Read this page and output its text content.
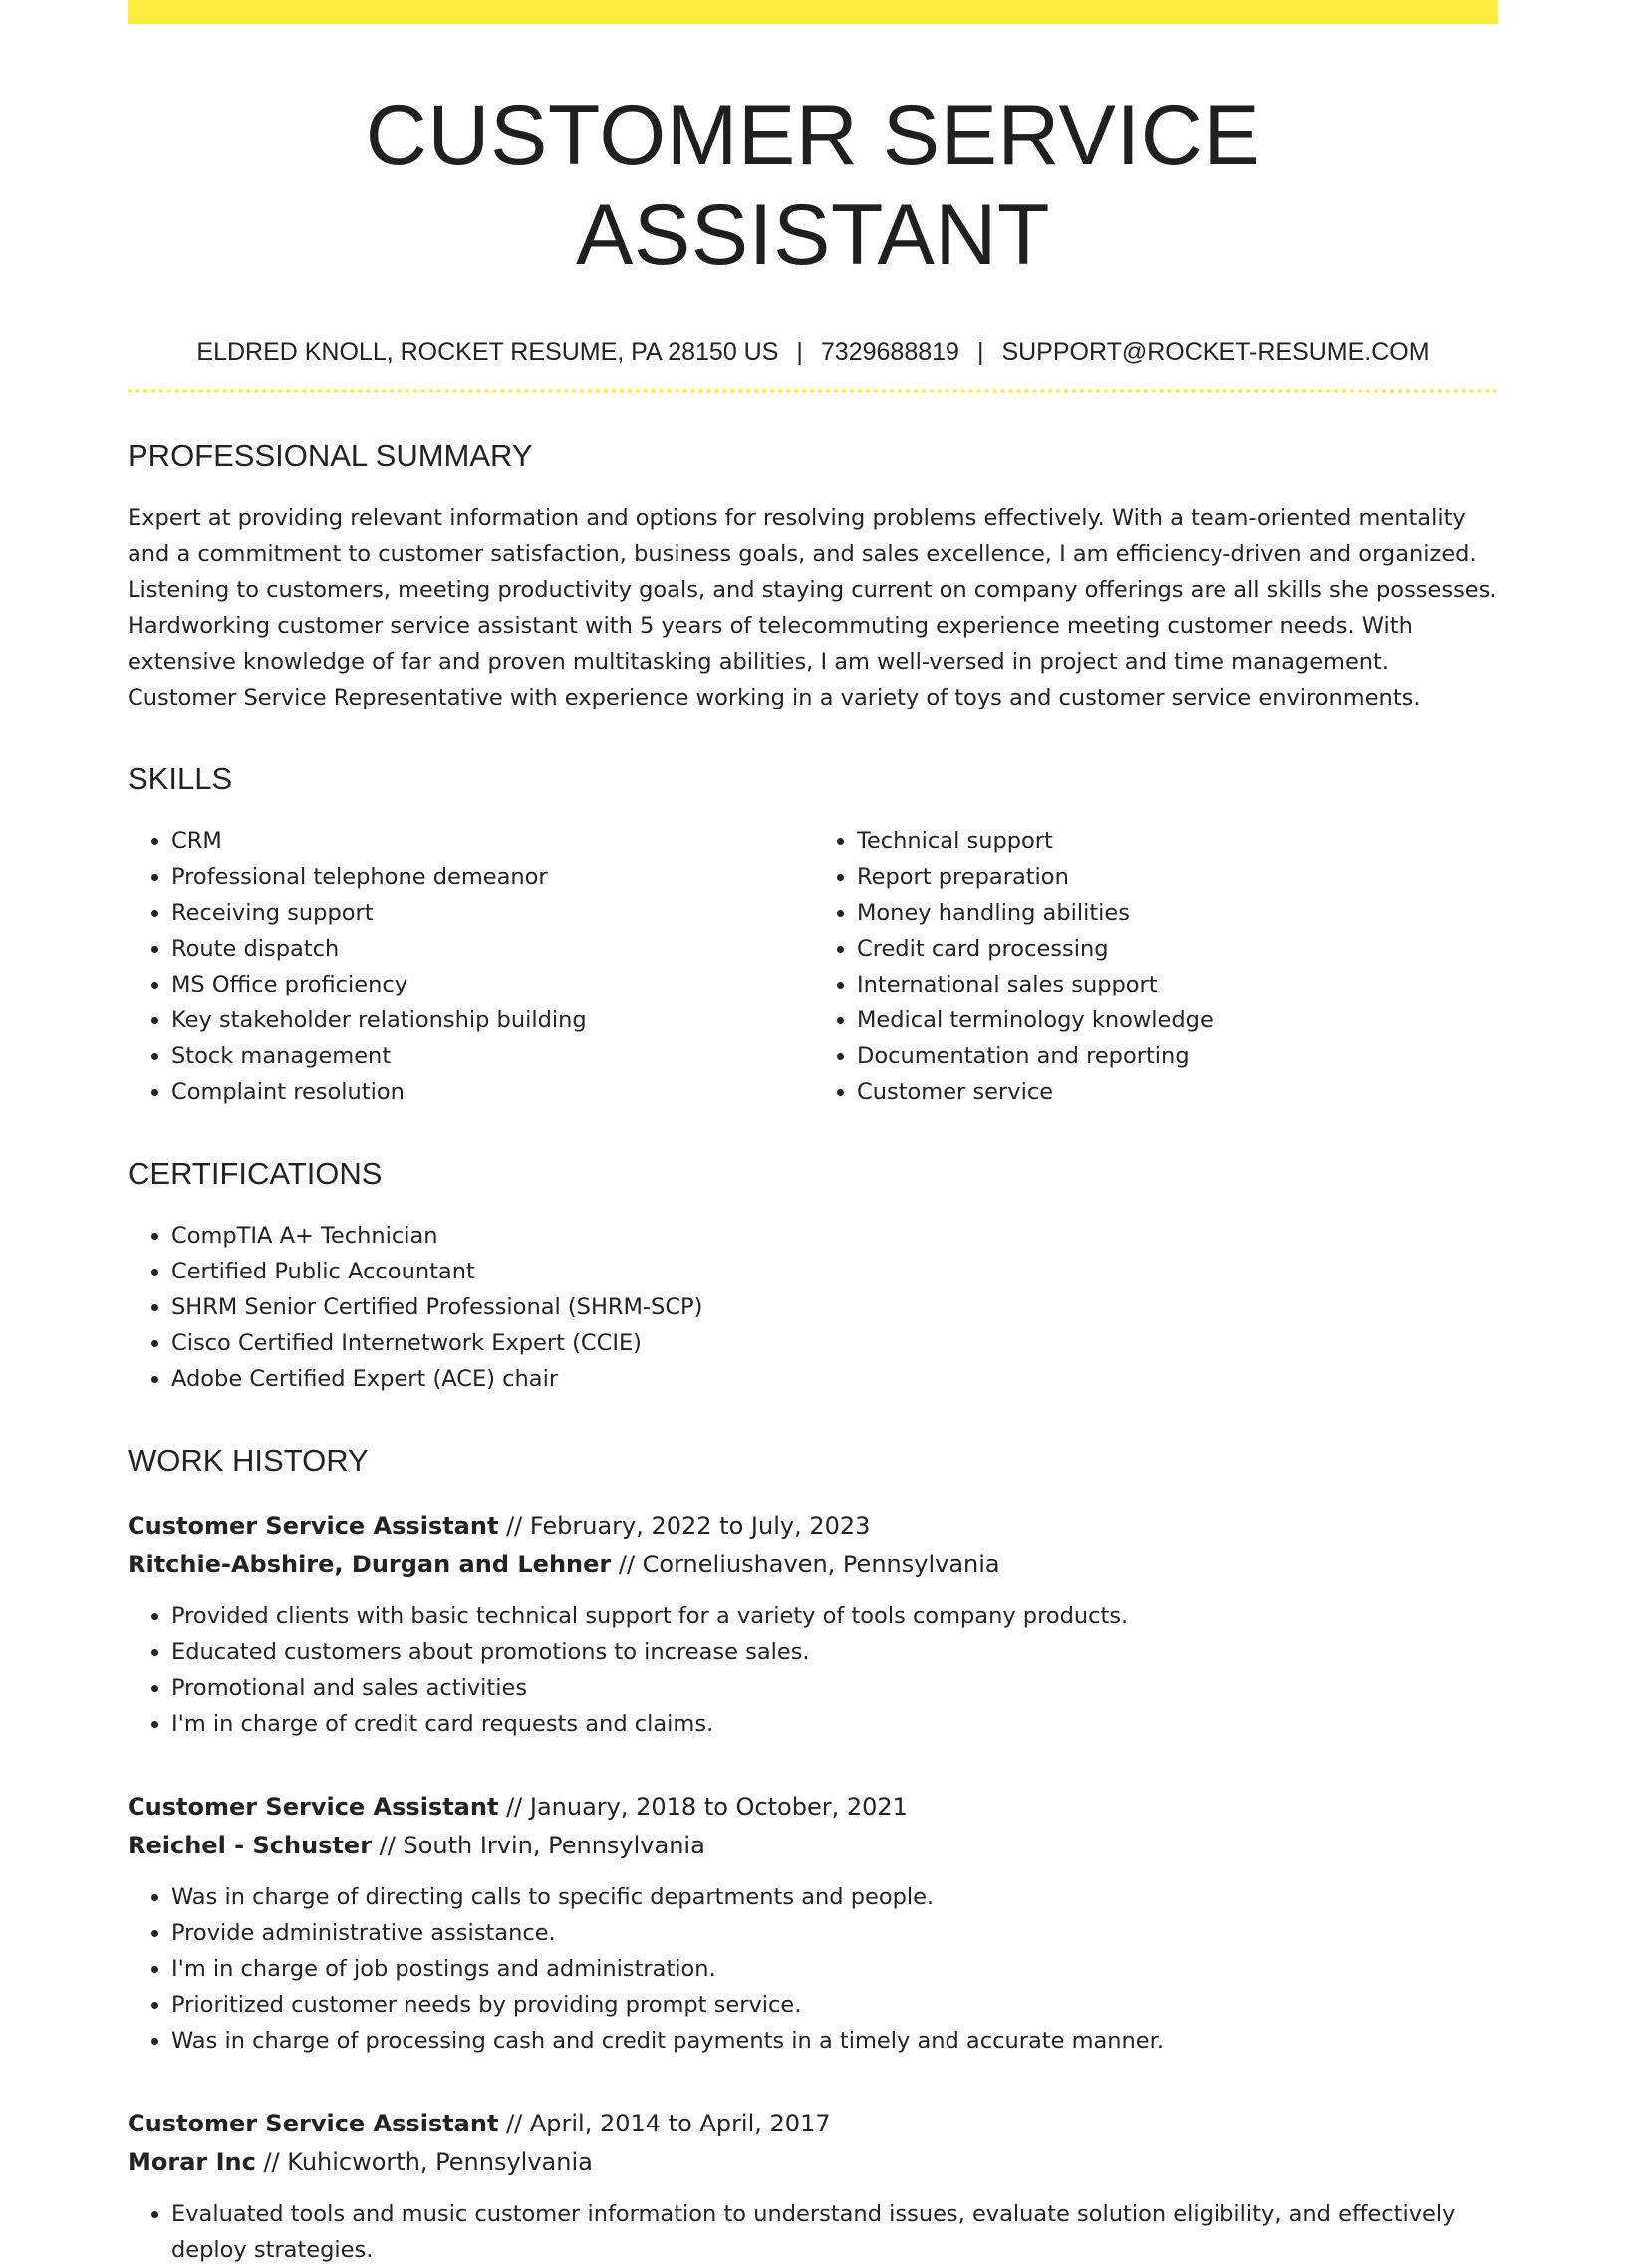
CUSTOMER SERVICE ASSISTANT
ELDRED KNOLL, ROCKET RESUME, PA 28150 US | 7329688819 | SUPPORT@ROCKET-RESUME.COM
PROFESSIONAL SUMMARY

Expert at providing relevant information and options for resolving problems effectively. With a team-oriented mentality and a commitment to customer satisfaction, business goals, and sales excellence, I am efficiency-driven and organized. Listening to customers, meeting productivity goals, and staying current on company offerings are all skills she possesses. Hardworking customer service assistant with 5 years of telecommuting experience meeting customer needs. With extensive knowledge of far and proven multitasking abilities, I am well-versed in project and time management. Customer Service Representative with experience working in a variety of toys and customer service environments.

SKILLS
• CRM
• Professional telephone demeanor
• Receiving support
• Route dispatch
• MS Office proficiency
• Key stakeholder relationship building
• Stock management
• Complaint resolution
• Technical support
• Report preparation
• Money handling abilities
• Credit card processing
• International sales support
• Medical terminology knowledge
• Documentation and reporting
• Customer service
CERTIFICATIONS
• CompTIA A+ Technician
• Certified Public Accountant
• SHRM Senior Certified Professional (SHRM-SCP)
• Cisco Certified Internetwork Expert (CCIE)
• Adobe Certified Expert (ACE) chair
WORK HISTORY
Customer Service Assistant // February, 2022 to July, 2023
Ritchie-Abshire, Durgan and Lehner // Corneliushaven, Pennsylvania
• Provided clients with basic technical support for a variety of tools company products.
• Educated customers about promotions to increase sales.
• Promotional and sales activities
• I'm in charge of credit card requests and claims.
Customer Service Assistant // January, 2018 to October, 2021
Reichel - Schuster // South Irvin, Pennsylvania
• Was in charge of directing calls to specific departments and people.
• Provide administrative assistance.
• I'm in charge of job postings and administration.
• Prioritized customer needs by providing prompt service.
• Was in charge of processing cash and credit payments in a timely and accurate manner.
Customer Service Assistant // April, 2014 to April, 2017
Morar Inc // Kuhicworth, Pennsylvania
• Evaluated tools and music customer information to understand issues, evaluate solution eligibility, and effectively deploy strategies.
